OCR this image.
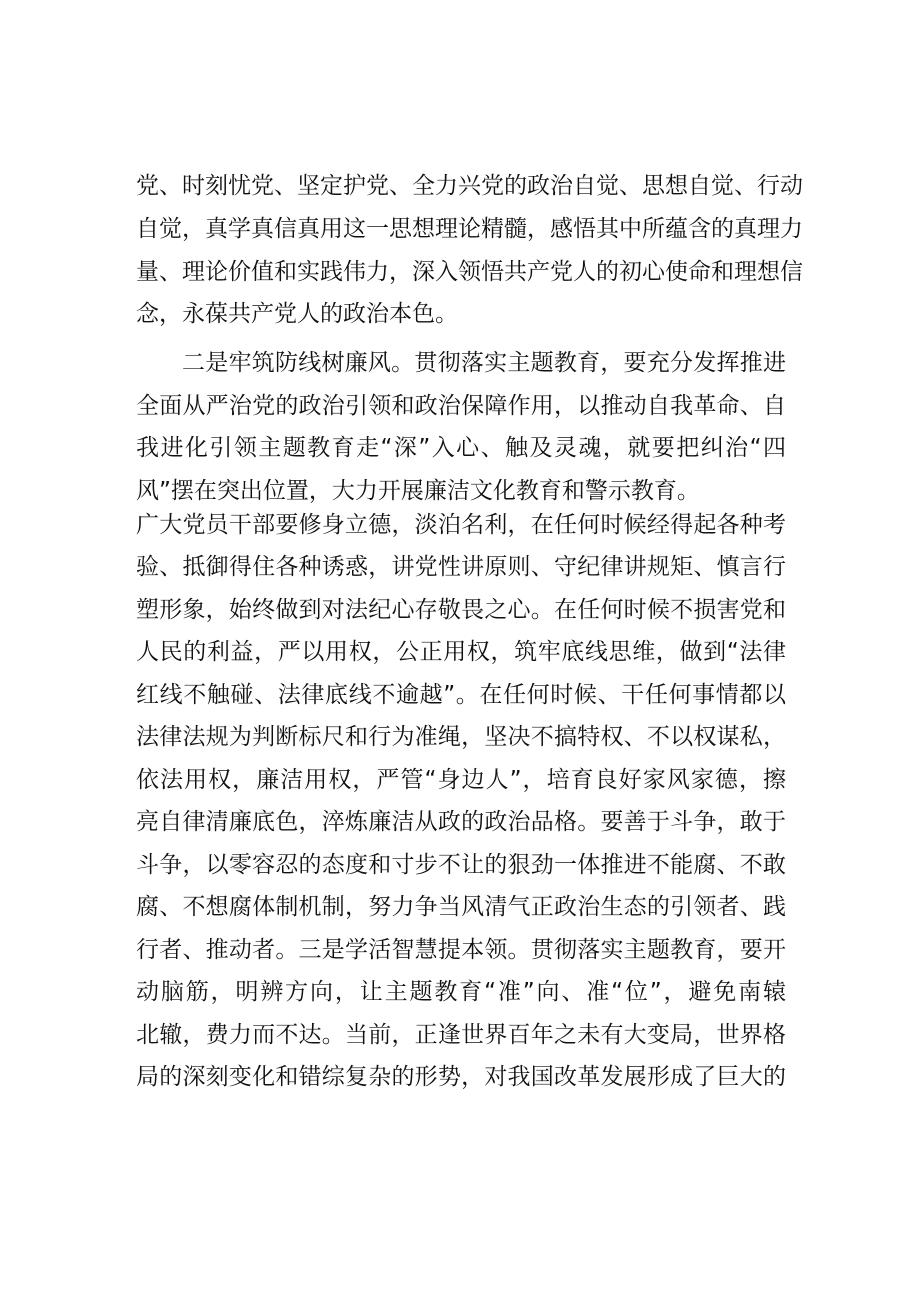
党、时刻忧党、坚定护党、全力兴党的政治自觉、思想自觉、行动
自觉，真学真信真用这一思想理论精髓，感悟其中所蕴含的真理力
量、理论价值和实践伟力，深入领悟共产党人的初心使命和理想信
念，永葆共产党人的政治本色。
二是牢筑防线树廉风。贯彻落实主题教育，要充分发挥推进
全面从严治党的政治引领和政治保障作用，以推动自我革命、自
我进化引领主题教育走“深”入心、触及灵魂，就要把纠治“四
风”摆在突出位置，大力开展廉洁文化教育和警示教育。
广大党员干部要修身立德，淡泊名利，在任何时候经得起各种考
验、抵御得住各种诱惑，讲党性讲原则、守纪律讲规矩、慎言行
塑形象，始终做到对法纪心存敬畏之心。在任何时候不损害党和
人民的利益，严以用权，公正用权，筑牢底线思维，做到“法律
红线不触碰、法律底线不逾越”。在任何时候、干任何事情都以
法律法规为判断标尺和行为准绳，坚决不搞特权、不以权谋私，
依法用权，廉洁用权，严管“身边人”，培育良好家风家德，擦
亮自律清廉底色，淬炼廉洁从政的政治品格。要善于斗争，敢于
斗争，以零容忍的态度和寸步不让的狠劲一体推进不能腐、不敢
腐、不想腐体制机制，努力争当风清气正政治生态的引领者、践
行者、推动者。三是学活智慧提本领。贯彻落实主题教育，要开
动脑筋，明辨方向，让主题教育“准”向、准“位”，避免南辕
北辙，费力而不达。当前，正逢世界百年之未有大变局，世界格
局的深刻变化和错综复杂的形势，对我国改革发展形成了巨大的
